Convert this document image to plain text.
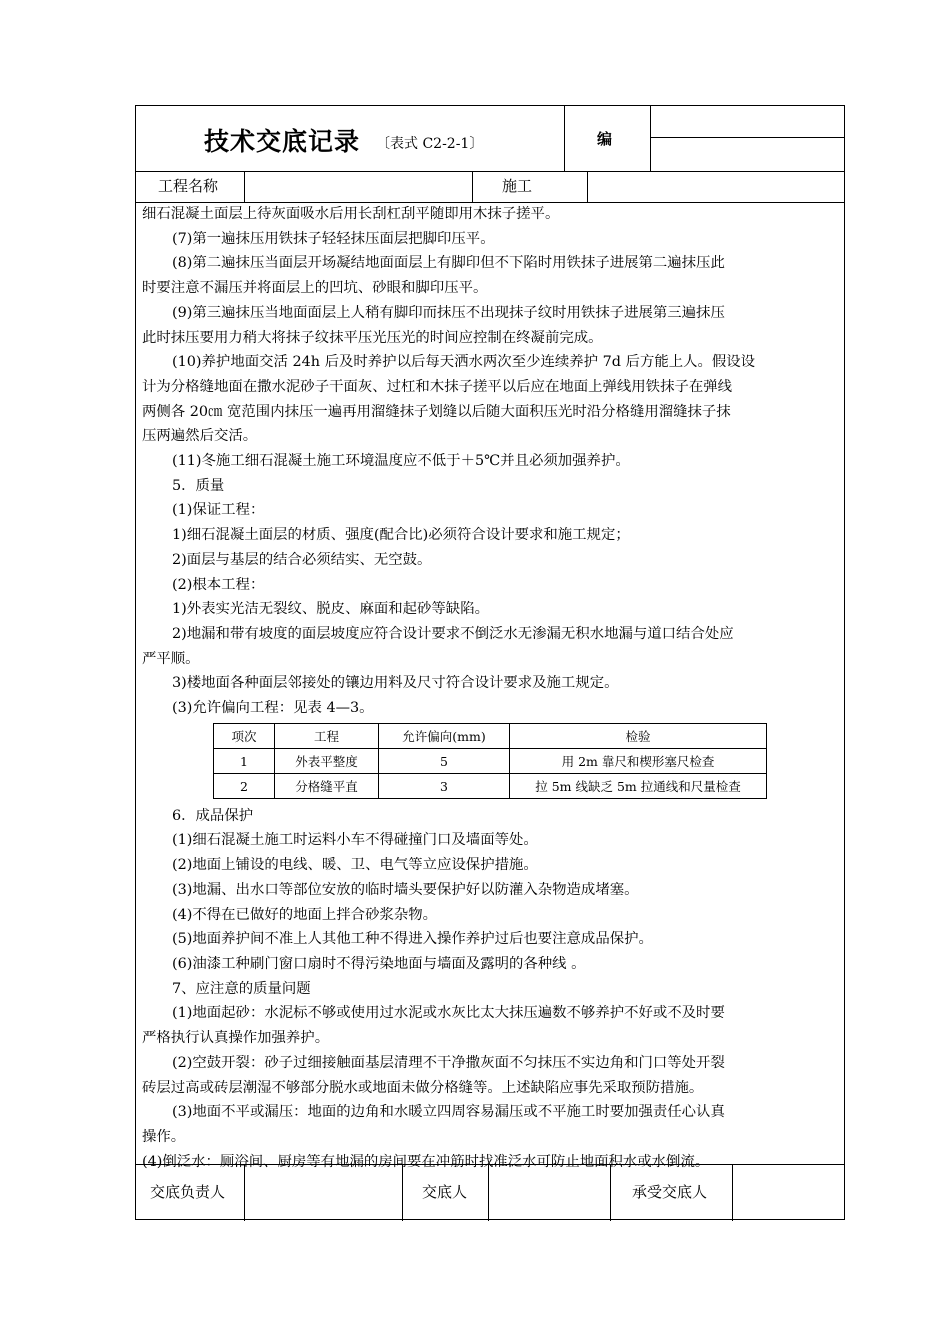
技术交底记录 〔表式 C2-2-1〕	编
工程名称	施工

细石混凝土面层上待灰面吸水后用长刮杠刮平随即用木抹子搓平。

(7)第一遍抹压用铁抹子轻轻抹压面层把脚印压平。

(8)第二遍抹压当面层开场凝结地面面层上有脚印但不下陷时用铁抹子进展第二遍抹压此

时要注意不漏压并将面层上的凹坑、砂眼和脚印压平。

(9)第三遍抹压当地面面层上人稍有脚印而抹压不出现抹子纹时用铁抹子进展第三遍抹压

此时抹压要用力稍大将抹子纹抹平压光压光的时间应控制在终凝前完成。

(10)养护地面交活 24h 后及时养护以后每天洒水两次至少连续养护 7d 后方能上人。假设设

计为分格缝地面在撒水泥砂子干面灰、过杠和木抹子搓平以后应在地面上弹线用铁抹子在弹线

两侧各 20㎝ 宽范围内抹压一遍再用溜缝抹子划缝以后随大面积压光时沿分格缝用溜缝抹子抹

压两遍然后交活。

(11)冬施工细石混凝土施工环境温度应不低于＋5℃并且必须加强养护。

5．质量

(1)保证工程：

1)细石混凝土面层的材质、强度(配合比)必须符合设计要求和施工规定；

2)面层与基层的结合必须结实、无空鼓。

(2)根本工程：

1)外表实光洁无裂纹、脱皮、麻面和起砂等缺陷。

2)地漏和带有坡度的面层坡度应符合设计要求不倒泛水无渗漏无积水地漏与道口结合处应

严平顺。

3)楼地面各种面层邻接处的镶边用料及尺寸符合设计要求及施工规定。

(3)允许偏向工程：见表 4—3。

6．成品保护

(1)细石混凝土施工时运料小车不得碰撞门口及墙面等处。

(2)地面上铺设的电线、暖、卫、电气等立应设保护措施。

(3)地漏、出水口等部位安放的临时墙头要保护好以防灌入杂物造成堵塞。

(4)不得在已做好的地面上拌合砂浆杂物。

(5)地面养护间不准上人其他工种不得进入操作养护过后也要注意成品保护。

(6)油漆工种刷门窗口扇时不得污染地面与墙面及露明的各种线 。

7、应注意的质量问题

(1)地面起砂：水泥标不够或使用过水泥或水灰比太大抹压遍数不够养护不好或不及时要

严格执行认真操作加强养护。

(2)空鼓开裂：砂子过细接触面基层清理不干净撒灰面不匀抹压不实边角和门口等处开裂

砖层过高或砖层潮湿不够部分脱水或地面未做分格缝等。上述缺陷应事先采取预防措施。

(3)地面不平或漏压：地面的边角和水暖立四周容易漏压或不平施工时要加强责任心认真

操作。

(4)倒泛水：厕浴间、厨房等有地漏的房间要在冲筋时找准泛水可防止地面积水或水倒流。

项次	工程	允许偏向(mm)	检验
1	外表平整度	5	用 2m 靠尺和楔形塞尺检查
2	分格缝平直	3	拉 5m 线缺乏 5m 拉通线和尺量检查
交底负责人	交底人	承受交底人
